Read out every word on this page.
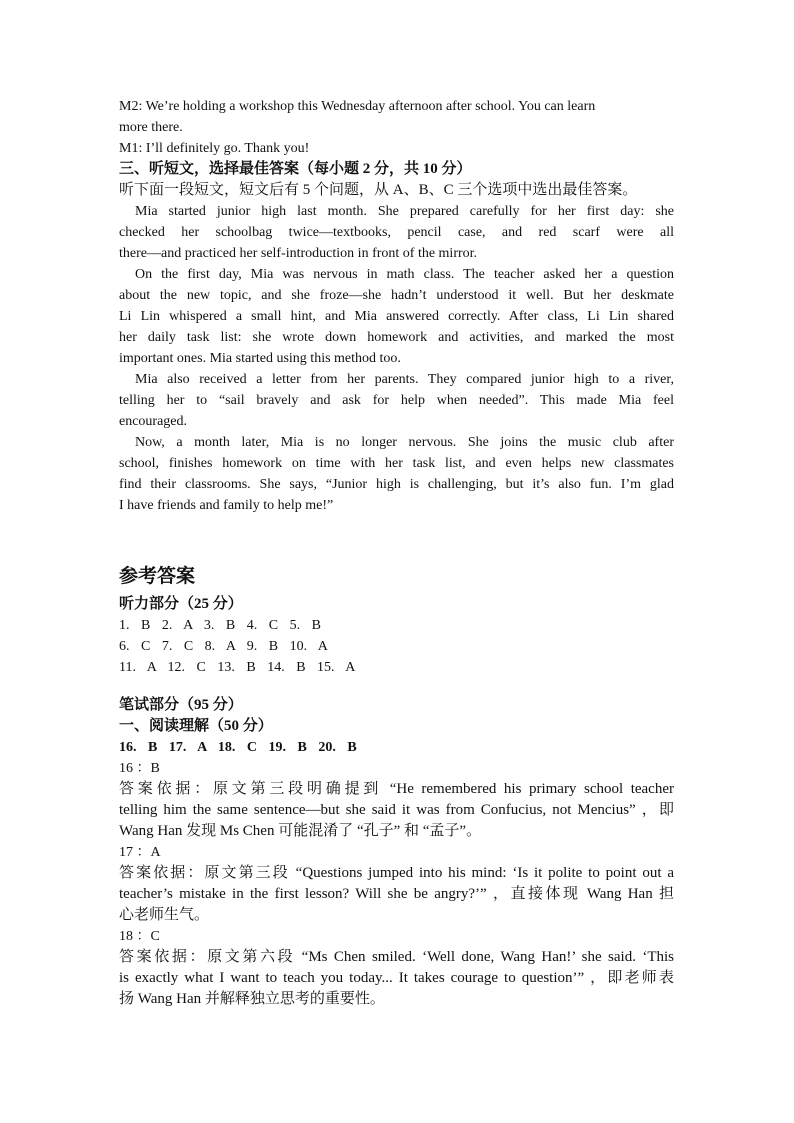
M2: We’re holding a workshop this Wednesday afternoon after school. You can learn

more there.

M1: I’ll definitely go. Thank you!

三、听短文，选择最佳答案（每小题 2 分，共 10 分）

听下面一段短文，短文后有 5 个问题，从 A、B、C 三个选项中选出最佳答案。

Mia started junior high last month. She prepared carefully for her first day: she

checked her schoolbag twice—textbooks, pencil case, and red scarf were all

there—and practiced her self-introduction in front of the mirror.

On the first day, Mia was nervous in math class. The teacher asked her a question

about the new topic, and she froze—she hadn’t understood it well. But her deskmate

Li Lin whispered a small hint, and Mia answered correctly. After class, Li Lin shared

her daily task list: she wrote down homework and activities, and marked the most

important ones. Mia started using this method too.

Mia also received a letter from her parents. They compared junior high to a river,

telling her to “sail bravely and ask for help when needed”. This made Mia feel

encouraged.

Now, a month later, Mia is no longer nervous. She joins the music club after

school, finishes homework on time with her task list, and even helps new classmates

find their classrooms. She says, “Junior high is challenging, but it’s also fun. I’m glad

I have friends and family to help me!”

参考答案

听力部分（25 分）

1. B 2. A 3. B 4. C 5. B

6. C 7. C 8. A 9. B 10. A

11. A 12. C 13. B 14. B 15. A

笔试部分（95 分）

一、阅读理解（50 分）

16. B 17. A 18. C 19. B 20. B

16 ：B

答案依据：原文第三段明确提到 “He remembered his primary school teacher

telling him the same sentence—but she said it was from Confucius, not Mencius” ，即

Wang Han 发现 Ms Chen 可能混淆了 “孔子” 和 “孟子”。

17 ：A

答案依据：原文第三段 “Questions jumped into his mind: ‘Is it polite to point out a

teacher’s mistake in the first lesson? Will she be angry?’” ，直接体现 Wang Han 担

心老师生气。

18 ：C

答案依据：原文第六段 “Ms Chen smiled. ‘Well done, Wang Han!’ she said. ‘This

is exactly what I want to teach you today... It takes courage to question’” ，即老师表

扬 Wang Han 并解释独立思考的重要性。
